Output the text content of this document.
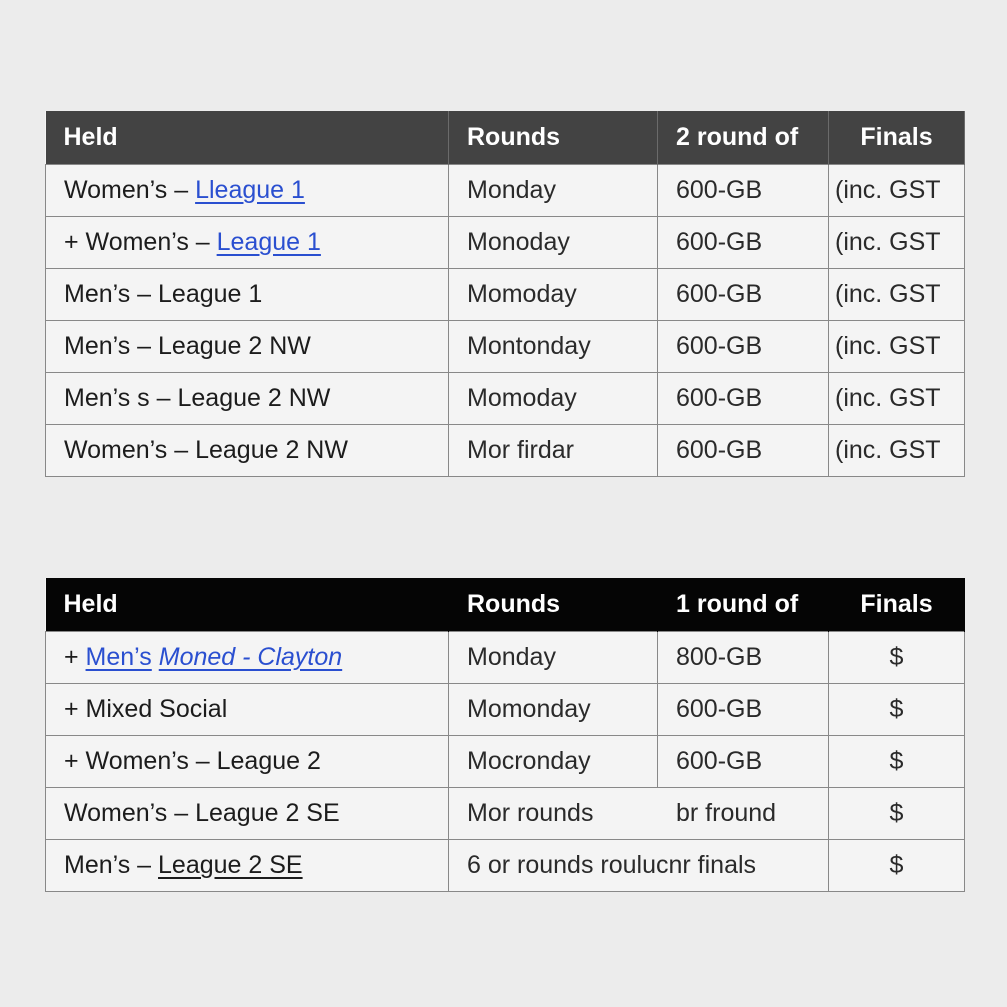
Held	Rounds	2 round of	Finals
Women’s – Lleague 1	Monday	600-GB	(inc. GST
+ Women’s – League 1	Monoday	600-GB	(inc. GST
Men’s – League 1	Momoday	600-GB	(inc. GST
Men’s – League 2 NW	Montonday	600-GB	(inc. GST
Men’s s – League 2 NW	Momoday	600-GB	(inc. GST
Women’s – League 2 NW	Mor firdar	600-GB	(inc. GST
Held	Rounds	1 round of	Finals
+ Men’s Moned - Clayton	Monday	800-GB	$
+ Mixed Social	Momonday	600-GB	$
+ Women’s – League 2	Mocronday	600-GB	$
Women’s – League 2 SE	Mor rounds	br fround	$
Men’s – League 2 SE	6 or rounds roulucnr finals		$
